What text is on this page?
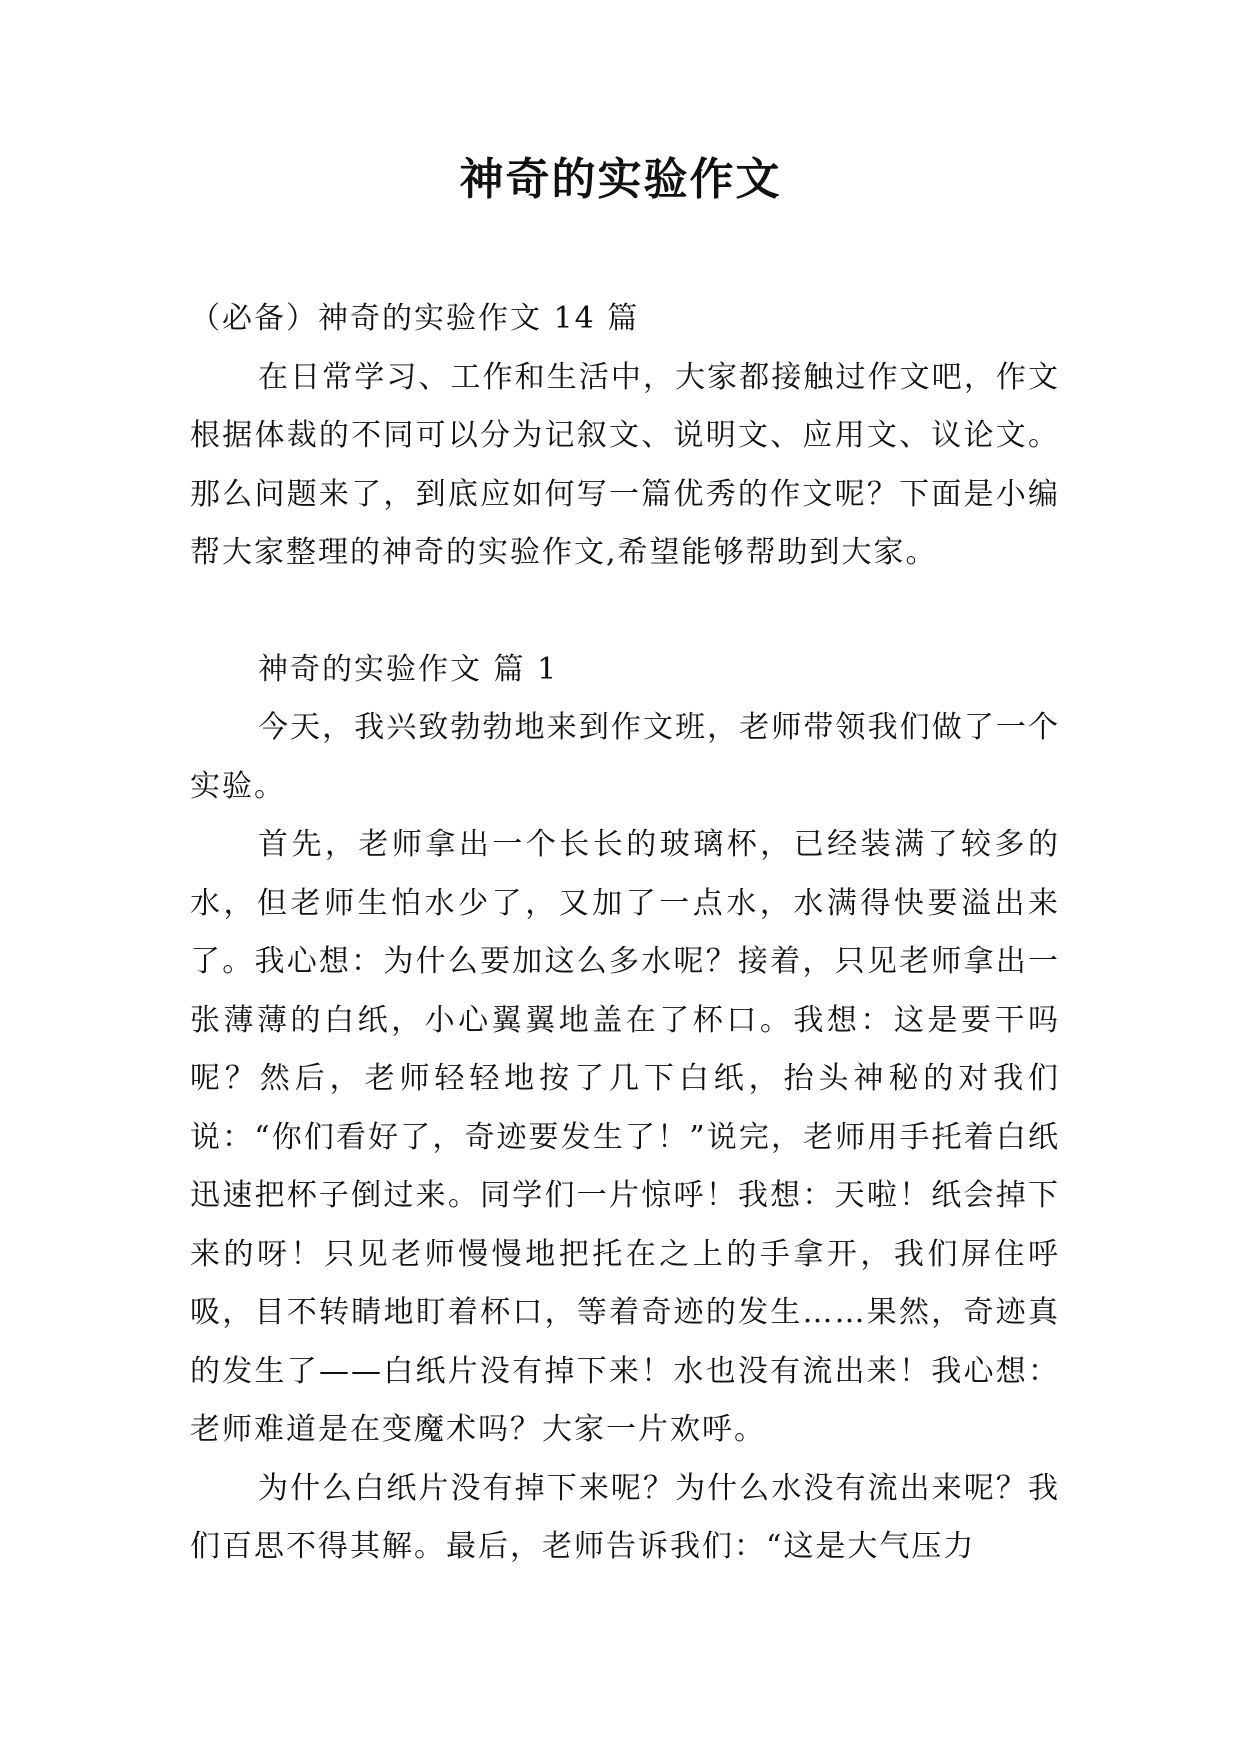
神奇的实验作文

（必备）神奇的实验作文 14 篇

在日常学习、工作和生活中，大家都接触过作文吧，作文根据体裁的不同可以分为记叙文、说明文、应用文、议论文。那么问题来了，到底应如何写一篇优秀的作文呢？下面是小编帮大家整理的神奇的实验作文,希望能够帮助到大家。

神奇的实验作文 篇 1

今天，我兴致勃勃地来到作文班，老师带领我们做了一个实验。

首先，老师拿出一个长长的玻璃杯，已经装满了较多的水，但老师生怕水少了，又加了一点水，水满得快要溢出来了。我心想：为什么要加这么多水呢？接着，只见老师拿出一张薄薄的白纸，小心翼翼地盖在了杯口。我想：这是要干吗呢？然后，老师轻轻地按了几下白纸，抬头神秘的对我们说：“你们看好了，奇迹要发生了！”说完，老师用手托着白纸迅速把杯子倒过来。同学们一片惊呼！我想：天啦！纸会掉下来的呀！只见老师慢慢地把托在之上的手拿开，我们屏住呼吸，目不转睛地盯着杯口，等着奇迹的发生……果然，奇迹真的发生了——白纸片没有掉下来！水也没有流出来！我心想：老师难道是在变魔术吗？大家一片欢呼。

为什么白纸片没有掉下来呢？为什么水没有流出来呢？我们百思不得其解。最后，老师告诉我们：“这是大气压力
